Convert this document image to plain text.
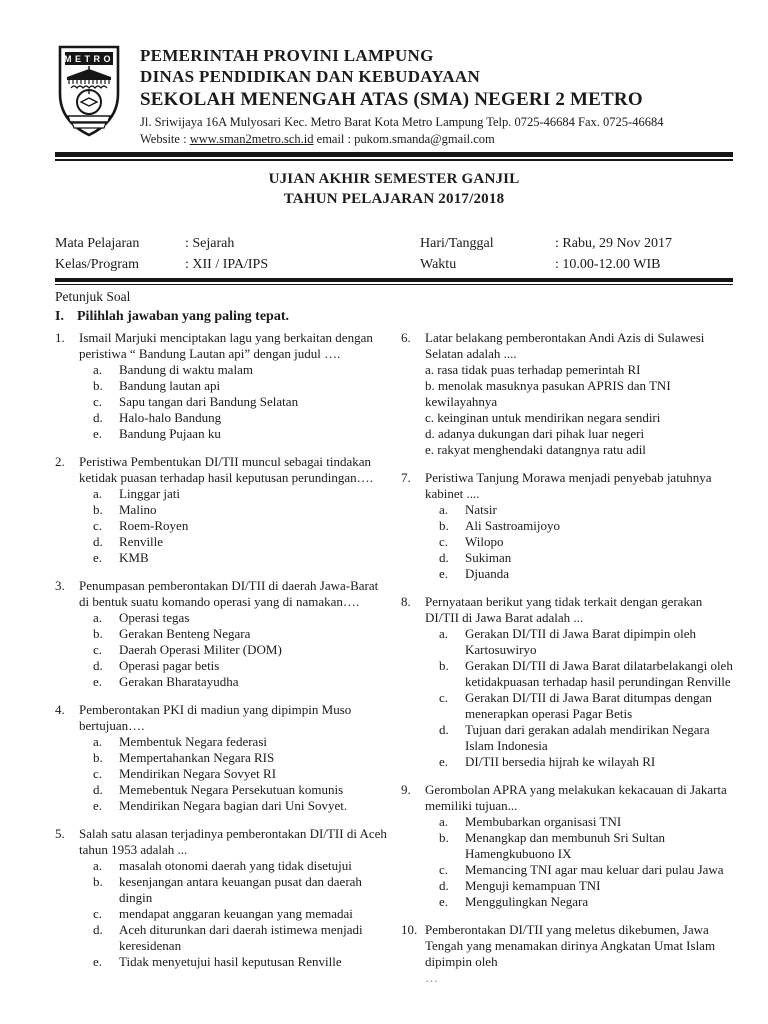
METRO PEMERINTAH PROVINI LAMPUNG
DINAS PENDIDIKAN DAN KEBUDAYAAN
SEKOLAH MENENGAH ATAS (SMA) NEGERI 2 METRO
Jl. Sriwijaya 16A Mulyosari Kec. Metro Barat Kota Metro Lampung Telp. 0725-46684 Fax. 0725-46684
Website : www.sman2metro.sch.id email : pukom.smanda@gmail.com
UJIAN AKHIR SEMESTER GANJIL
TAHUN PELAJARAN 2017/2018
Mata Pelajaran	: Sejarah	Hari/Tanggal	: Rabu, 29 Nov 2017
Kelas/Program	: XII / IPA/IPS	Waktu	: 10.00-12.00 WIB
Petunjuk Soal
I. Pilihlah jawaban yang paling tepat.
1.	Ismail Marjuki menciptakan lagu yang berkaitan dengan peristiwa “ Bandung Lautan api” dengan judul ….
a.	Bandung di waktu malam
b.	Bandung lautan api
c.	Sapu tangan dari Bandung Selatan
d.	Halo-halo Bandung
e.	Bandung Pujaan ku
2.	Peristiwa Pembentukan DI/TII muncul sebagai tindakan ketidak puasan terhadap hasil keputusan perundingan….
a.	Linggar jati
b.	Malino
c.	Roem-Royen
d.	Renville
e.	KMB
3.	Penumpasan pemberontakan DI/TII di daerah Jawa-Barat di bentuk suatu komando operasi yang di namakan….
a.	Operasi tegas
b.	Gerakan Benteng Negara
c.	Daerah Operasi Militer (DOM)
d.	Operasi pagar betis
e.	Gerakan Bharatayudha
4.	Pemberontakan PKI di madiun yang dipimpin Muso bertujuan….
a.	Membentuk Negara federasi
b.	Mempertahankan Negara RIS
c.	Mendirikan Negara Sovyet RI
d.	Memebentuk Negara Persekutuan komunis
e.	Mendirikan Negara bagian dari Uni Sovyet.
5.	Salah satu alasan terjadinya pemberontakan DI/TII di Aceh tahun 1953 adalah ...
a.	masalah otonomi daerah yang tidak disetujui
b.	kesenjangan antara keuangan pusat dan daerah dingin
c.	mendapat anggaran keuangan yang memadai
d.	Aceh diturunkan dari daerah istimewa menjadi keresidenan
e.	Tidak menyetujui hasil keputusan Renville
6.	Latar belakang pemberontakan Andi Azis di Sulawesi Selatan adalah ....
a. rasa tidak puas terhadap pemerintah RI
b. menolak masuknya pasukan APRIS dan TNI kewilayahnya
c. keinginan untuk mendirikan negara sendiri
d. adanya dukungan dari pihak luar negeri
e. rakyat menghendaki datangnya ratu adil
7.	Peristiwa Tanjung Morawa menjadi penyebab jatuhnya kabinet ....
a.	Natsir
b.	Ali Sastroamijoyo
c.	Wilopo
d.	Sukiman
e.	Djuanda
8.	Pernyataan berikut yang tidak terkait dengan gerakan DI/TII di Jawa Barat adalah ...
a.	Gerakan DI/TII di Jawa Barat dipimpin oleh Kartosuwiryo
b.	Gerakan DI/TII di Jawa Barat dilatarbelakangi oleh ketidakpuasan terhadap hasil perundingan Renville
c.	Gerakan DI/TII di Jawa Barat ditumpas dengan menerapkan operasi Pagar Betis
d.	Tujuan dari gerakan adalah mendirikan Negara Islam Indonesia
e.	DI/TII bersedia hijrah ke wilayah RI
9.	Gerombolan APRA yang melakukan kekacauan di Jakarta memiliki tujuan...
a.	Membubarkan organisasi TNI
b.	Menangkap dan membunuh Sri Sultan Hamengkubuono IX
c.	Memancing TNI agar mau keluar dari pulau Jawa
d.	Menguji kemampuan TNI
e.	Menggulingkan Negara
10. Pemberontakan DI/TII yang meletus dikebumen, Jawa Tengah yang menamakan dirinya Angkatan Umat Islam dipimpin oleh
…
